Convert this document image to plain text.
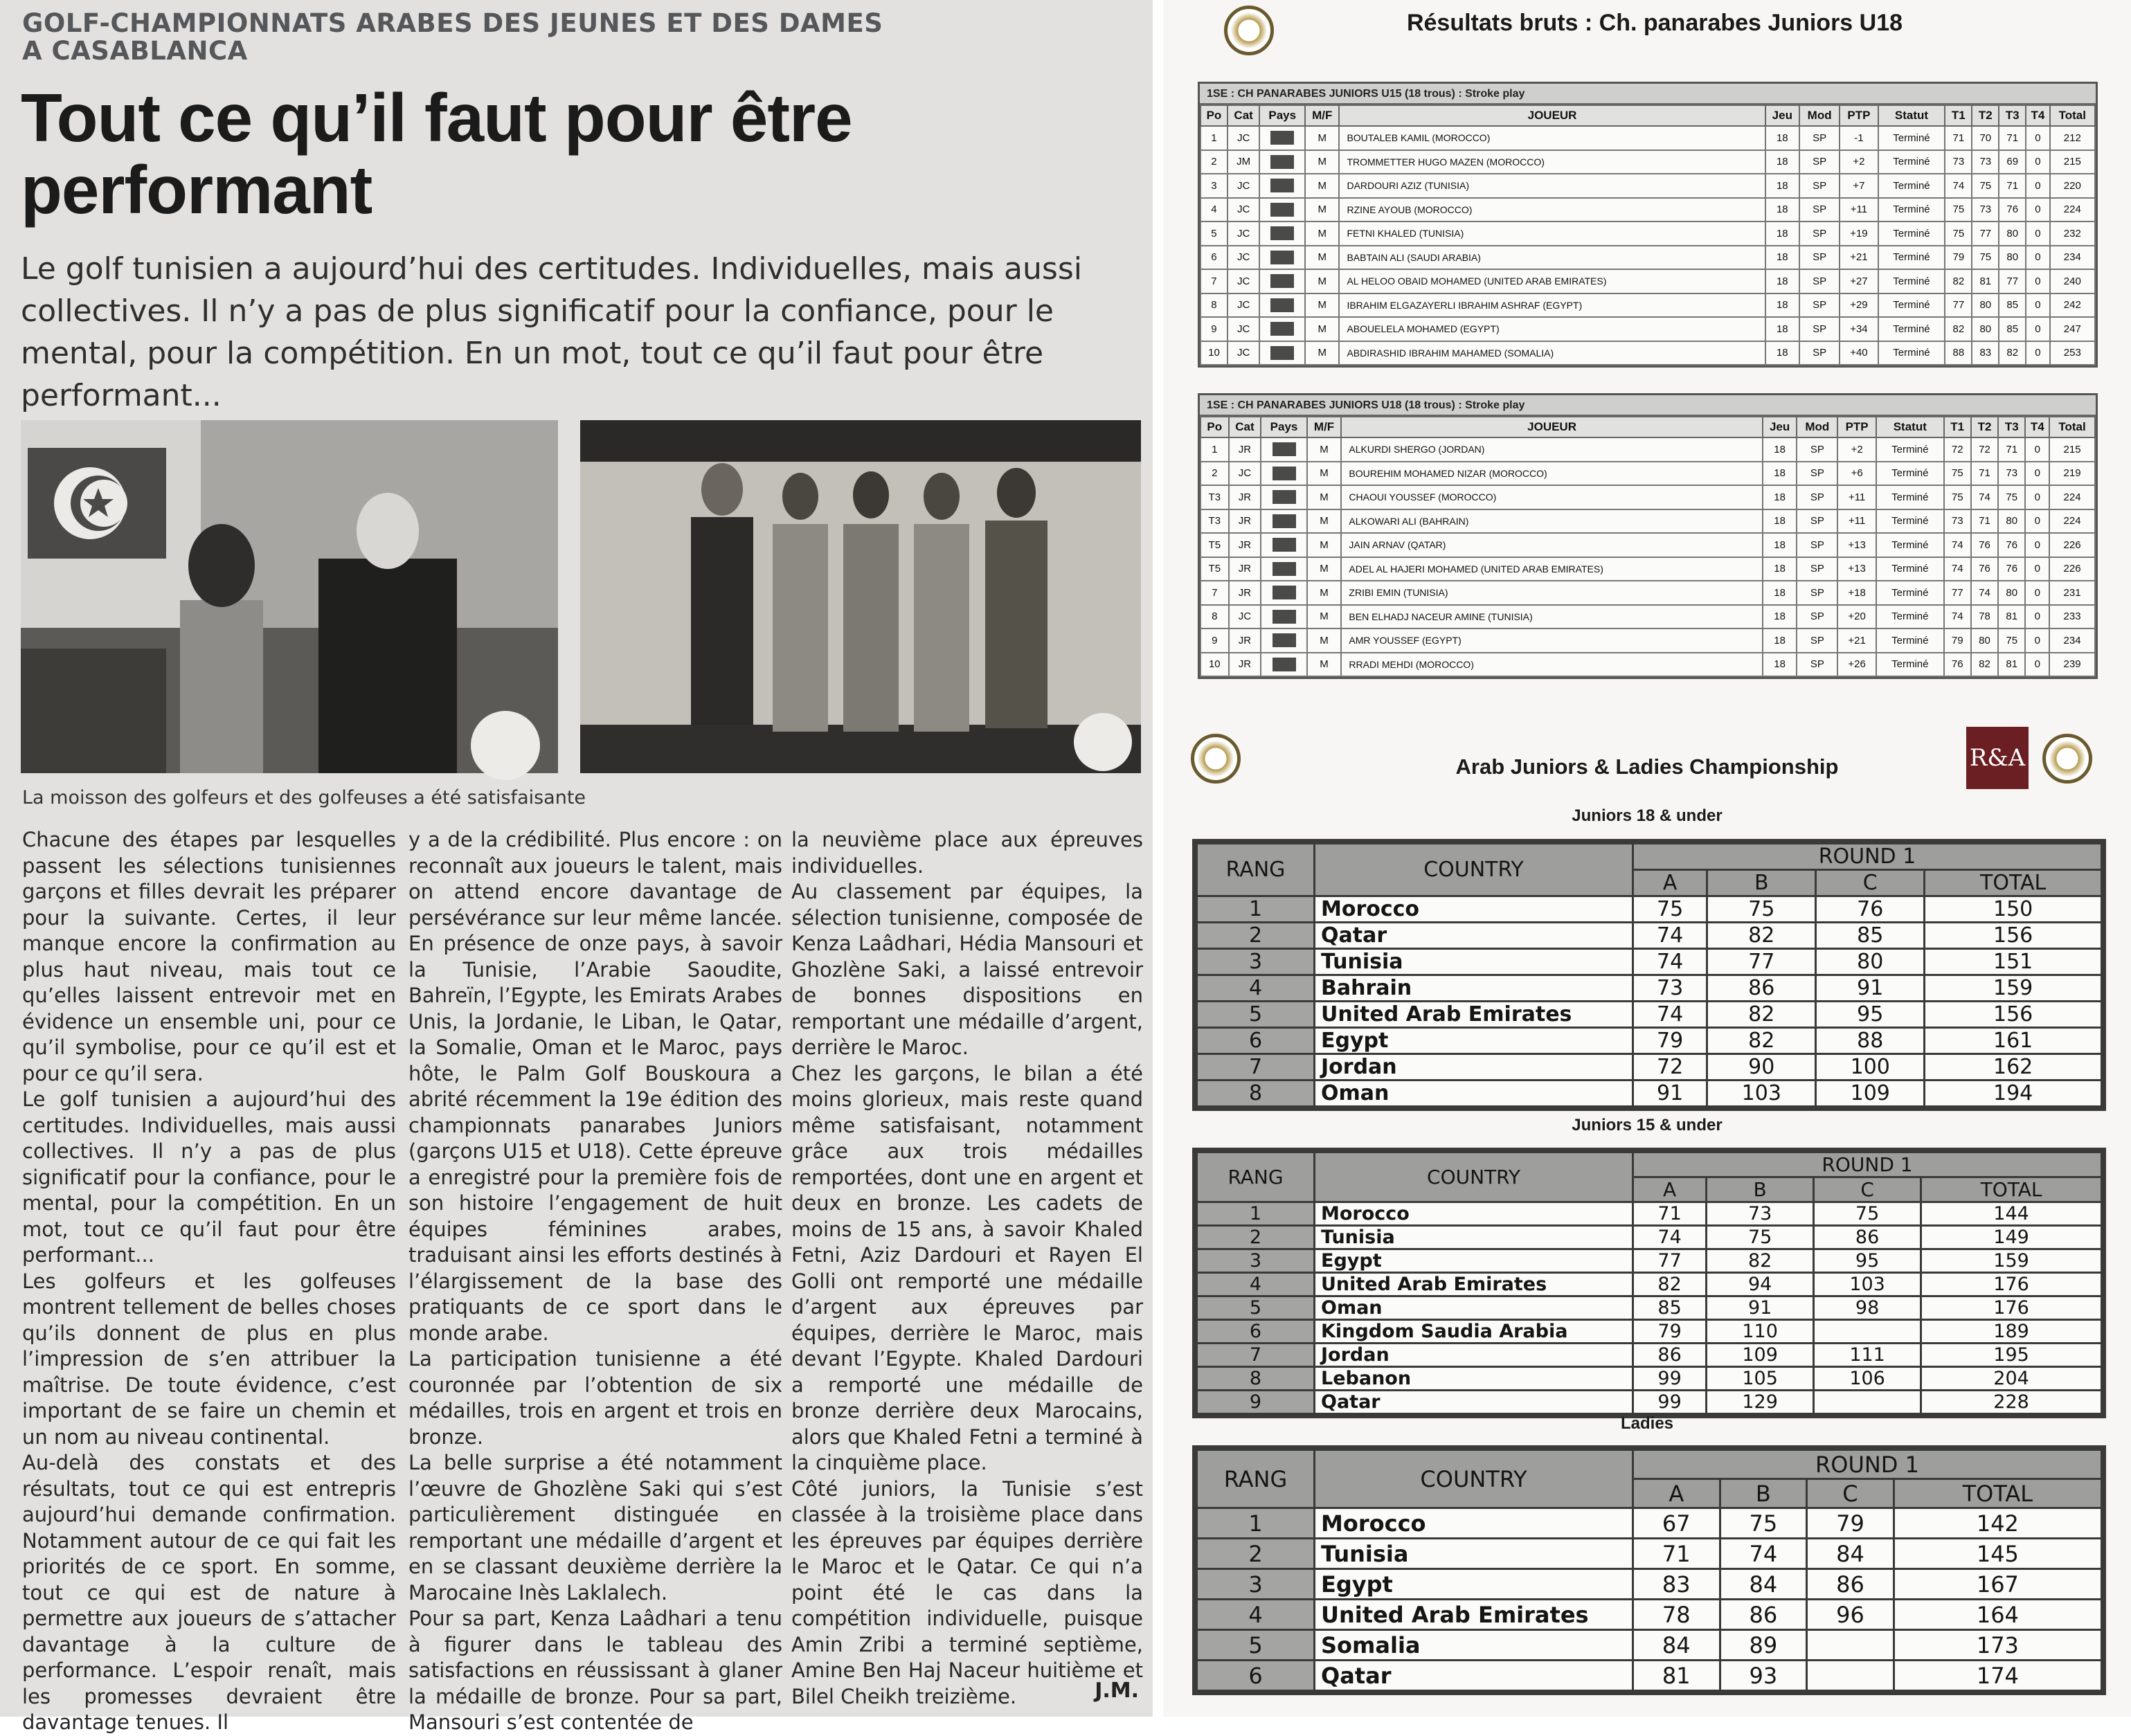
GOLF-CHAMPIONNATS ARABES DES JEUNES ET DES DAMES
A CASABLANCA
Tout ce qu’il faut pour être
performant
Le golf tunisien a aujourd’hui des certitudes. Individuelles, mais aussi collectives. Il n’y a pas de plus significatif pour la confiance, pour le mental, pour la compétition. En un mot, tout ce qu’il faut pour être performant...
La moisson des golfeurs et des golfeuses a été satisfaisante

Chacune des étapes par lesquelles passent les sélections tunisiennes garçons et filles devrait les préparer pour la suivante. Certes, il leur manque encore la confirmation au plus haut niveau, mais tout ce qu’elles laissent entrevoir met en évidence un ensemble uni, pour ce qu’il symbolise, pour ce qu’il est et pour ce qu’il sera.

Le golf tunisien a aujourd’hui des certitudes. Individuelles, mais aussi collectives. Il n’y a pas de plus significatif pour la confiance, pour le mental, pour la compétition. En un mot, tout ce qu’il faut pour être performant...

Les golfeurs et les golfeuses montrent tellement de belles choses qu’ils donnent de plus en plus l’impression de s’en attribuer la maîtrise. De toute évidence, c’est important de se faire un chemin et un nom au niveau continental.

Au-delà des constats et des résultats, tout ce qui est entrepris aujourd’hui demande confirmation. Notamment autour de ce qui fait les priorités de ce sport. En somme, tout ce qui est de nature à permettre aux joueurs de s’attacher davantage à la culture de performance. L’espoir renaît, mais les promesses devraient être davantage tenues. Il

y a de la crédibilité. Plus encore : on reconnaît aux joueurs le talent, mais on attend encore davantage de persévérance sur leur même lancée. En présence de onze pays, à savoir la Tunisie, l’Arabie Saoudite, Bahreïn, l’Egypte, les Emirats Arabes Unis, la Jordanie, le Liban, le Qatar, la Somalie, Oman et le Maroc, pays hôte, le Palm Golf Bouskoura a abrité récemment la 19e édition des championnats panarabes Juniors (garçons U15 et U18). Cette épreuve a enregistré pour la première fois de son histoire l’engagement de huit équipes féminines arabes, traduisant ainsi les efforts destinés à l’élargissement de la base des pratiquants de ce sport dans le monde arabe.

La participation tunisienne a été couronnée par l’obtention de six médailles, trois en argent et trois en bronze.

La belle surprise a été notamment l’œuvre de Ghozlène Saki qui s’est particulièrement distinguée en remportant une médaille d’argent et en se classant deuxième derrière la Marocaine Inès Laklalech.

Pour sa part, Kenza Laâdhari a tenu à figurer dans le tableau des satisfactions en réussissant à glaner la médaille de bronze. Pour sa part, Mansouri s’est contentée de

la neuvième place aux épreuves individuelles.

Au classement par équipes, la sélection tunisienne, composée de Kenza Laâdhari, Hédia Mansouri et Ghozlène Saki, a laissé entrevoir de bonnes dispositions en remportant une médaille d’argent, derrière le Maroc.

Chez les garçons, le bilan a été moins glorieux, mais reste quand même satisfaisant, notamment grâce aux trois médailles remportées, dont une en argent et deux en bronze. Les cadets de moins de 15 ans, à savoir Khaled Fetni, Aziz Dardouri et Rayen El Golli ont remporté une médaille d’argent aux épreuves par équipes, derrière le Maroc, mais devant l’Egypte. Khaled Dardouri a remporté une médaille de bronze derrière deux Marocains, alors que Khaled Fetni a terminé à la cinquième place.

Côté juniors, la Tunisie s’est classée à la troisième place dans les épreuves par équipes derrière le Maroc et le Qatar. Ce qui n’a point été le cas dans la compétition individuelle, puisque Amin Zribi a terminé septième, Amine Ben Haj Naceur huitième et Bilel Cheikh treizième.	J.M.
Résultats bruts : Ch. panarabes Juniors U18
1SE : CH PANARABES JUNIORS U15 (18 trous) : Stroke play
Po	Cat	Pays	M/F	JOUEUR	Jeu	Mod	PTP	Statut	T1	T2	T3	T4	Total
1	JC		M	BOUTALEB KAMIL (MOROCCO)	18	SP	-1	Terminé	71	70	71	0	212
2	JM		M	TROMMETTER HUGO MAZEN (MOROCCO)	18	SP	+2	Terminé	73	73	69	0	215
3	JC		M	DARDOURI AZIZ (TUNISIA)	18	SP	+7	Terminé	74	75	71	0	220
4	JC		M	RZINE AYOUB (MOROCCO)	18	SP	+11	Terminé	75	73	76	0	224
5	JC		M	FETNI KHALED (TUNISIA)	18	SP	+19	Terminé	75	77	80	0	232
6	JC		M	BABTAIN ALI (SAUDI ARABIA)	18	SP	+21	Terminé	79	75	80	0	234
7	JC		M	AL HELOO OBAID MOHAMED (UNITED ARAB EMIRATES)	18	SP	+27	Terminé	82	81	77	0	240
8	JC		M	IBRAHIM ELGAZAYERLI IBRAHIM ASHRAF (EGYPT)	18	SP	+29	Terminé	77	80	85	0	242
9	JC		M	ABOUELELA MOHAMED (EGYPT)	18	SP	+34	Terminé	82	80	85	0	247
10	JC		M	ABDIRASHID IBRAHIM MAHAMED (SOMALIA)	18	SP	+40	Terminé	88	83	82	0	253
1SE : CH PANARABES JUNIORS U18 (18 trous) : Stroke play
Po	Cat	Pays	M/F	JOUEUR	Jeu	Mod	PTP	Statut	T1	T2	T3	T4	Total
1	JR		M	ALKURDI SHERGO (JORDAN)	18	SP	+2	Terminé	72	72	71	0	215
2	JC		M	BOUREHIM MOHAMED NIZAR (MOROCCO)	18	SP	+6	Terminé	75	71	73	0	219
T3	JR		M	CHAOUI YOUSSEF (MOROCCO)	18	SP	+11	Terminé	75	74	75	0	224
T3	JR		M	ALKOWARI ALI (BAHRAIN)	18	SP	+11	Terminé	73	71	80	0	224
T5	JR		M	JAIN ARNAV (QATAR)	18	SP	+13	Terminé	74	76	76	0	226
T5	JR		M	ADEL AL HAJERI MOHAMED (UNITED ARAB EMIRATES)	18	SP	+13	Terminé	74	76	76	0	226
7	JR		M	ZRIBI EMIN (TUNISIA)	18	SP	+18	Terminé	77	74	80	0	231
8	JC		M	BEN ELHADJ NACEUR AMINE (TUNISIA)	18	SP	+20	Terminé	74	78	81	0	233
9	JR		M	AMR YOUSSEF (EGYPT)	18	SP	+21	Terminé	79	80	75	0	234
10	JR		M	RRADI MEHDI (MOROCCO)	18	SP	+26	Terminé	76	82	81	0	239
Arab Juniors & Ladies Championship	R&A
Juniors 18 & under
RANG	COUNTRY	ROUND 1			
		A	B	C	TOTAL
1	Morocco	75	75	76	150
2	Qatar	74	82	85	156
3	Tunisia	74	77	80	151
4	Bahrain	73	86	91	159
5	United Arab Emirates	74	82	95	156
6	Egypt	79	82	88	161
7	Jordan	72	90	100	162
8	Oman	91	103	109	194
Juniors 15 & under
RANG	COUNTRY	ROUND 1			
		A	B	C	TOTAL
1	Morocco	71	73	75	144
2	Tunisia	74	75	86	149
3	Egypt	77	82	95	159
4	United Arab Emirates	82	94	103	176
5	Oman	85	91	98	176
6	Kingdom Saudia Arabia	79	110		189
7	Jordan	86	109	111	195
8	Lebanon	99	105	106	204
9	Qatar	99	129		228
Ladies
RANG	COUNTRY	ROUND 1			
		A	B	C	TOTAL
1	Morocco	67	75	79	142
2	Tunisia	71	74	84	145
3	Egypt	83	84	86	167
4	United Arab Emirates	78	86	96	164
5	Somalia	84	89		173
6	Qatar	81	93		174
